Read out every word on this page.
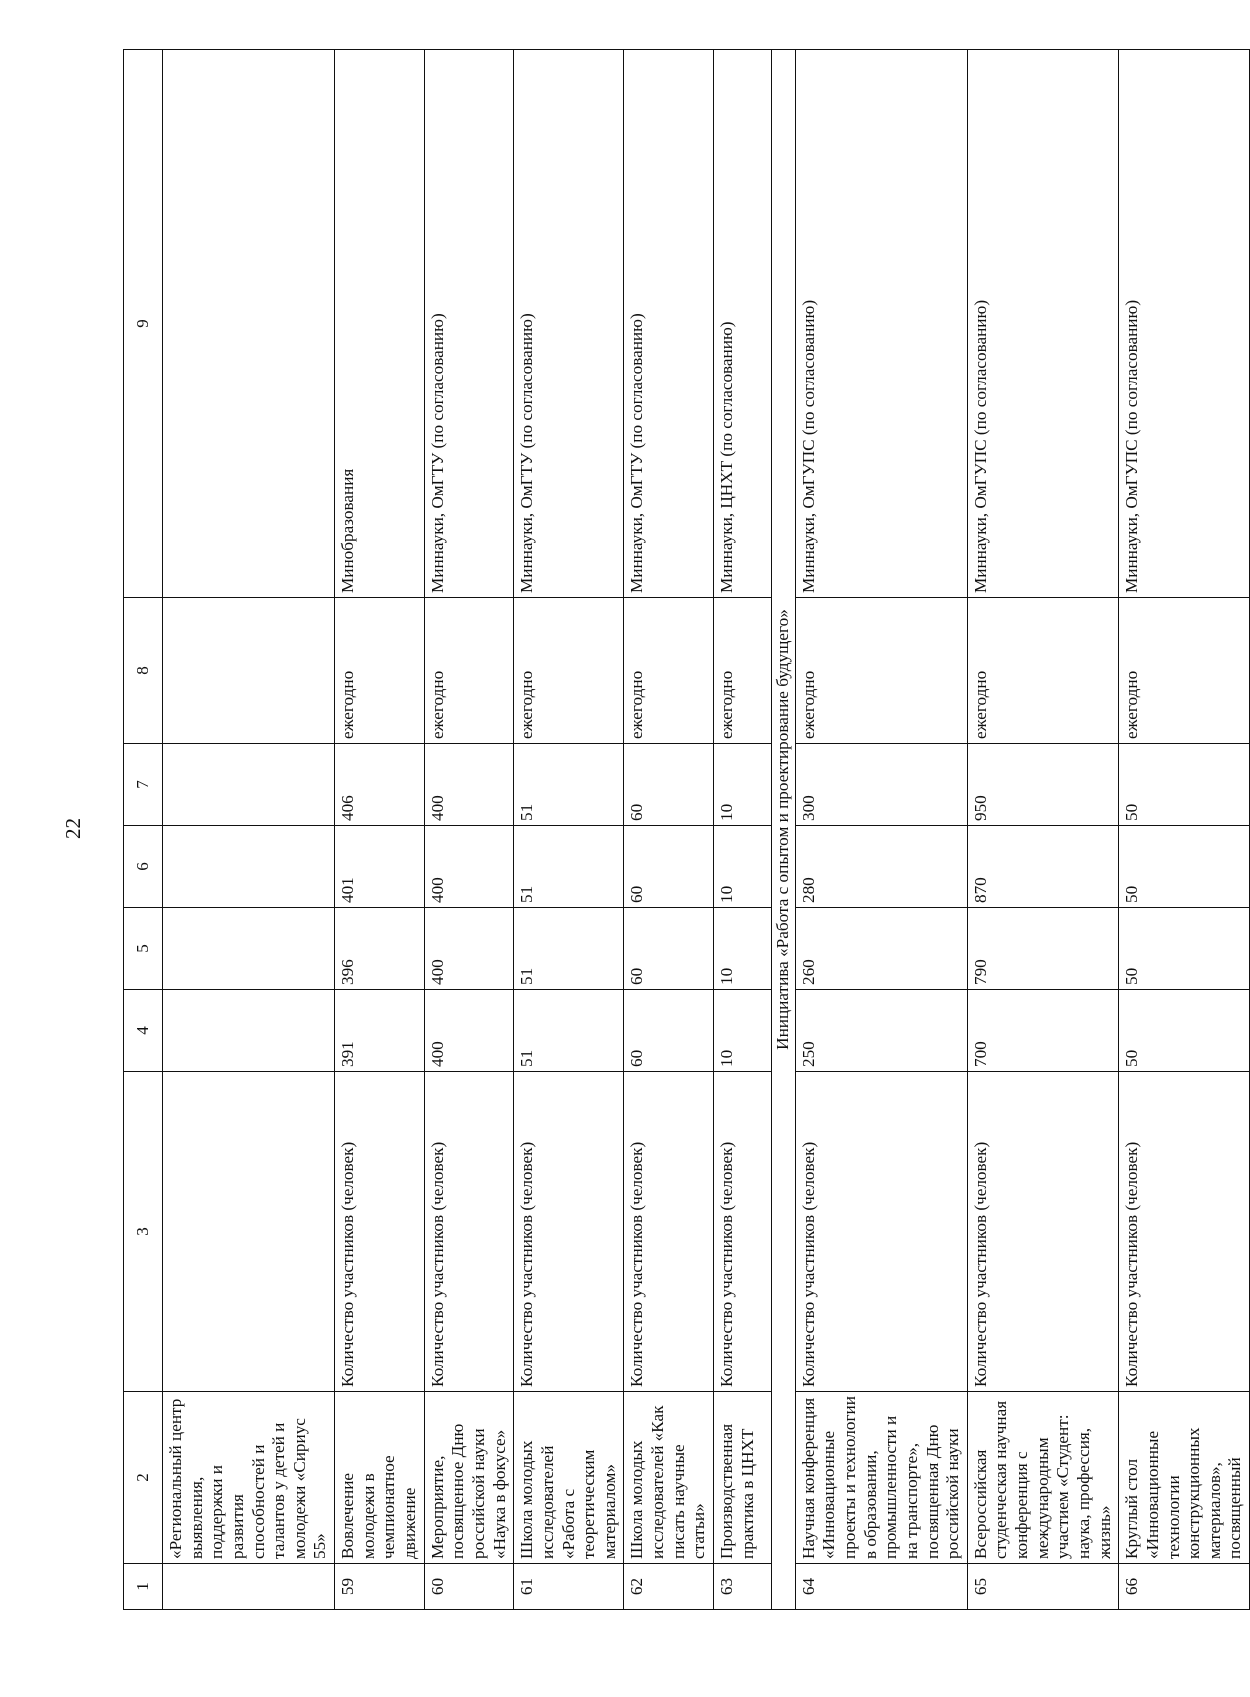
22
1	2	3	4	5	6	7	8	9
	«Региональный центр выявления, поддержки и развития способностей и талантов у детей и молодежи «Сириус 55»							
59	Вовлечение молодежи в чемпионатное движение	Количество участников (человек)	391	396	401	406	ежегодно	Минобразования
60	Мероприятие, посвященное Дню российской науки «Наука в фокусе»	Количество участников (человек)	400	400	400	400	ежегодно	Миннауки, ОмГТУ (по согласованию)
61	Школа молодых исследователей «Работа с теоретическим материалом»	Количество участников (человек)	51	51	51	51	ежегодно	Миннауки, ОмГТУ (по согласованию)
62	Школа молодых исследователей «Как писать научные статьи»	Количество участников (человек)	60	60	60	60	ежегодно	Миннауки, ОмГТУ (по согласованию)
63	Производственная практика в ЦНХТ	Количество участников (человек)	10	10	10	10	ежегодно	Миннауки, ЦНХТ (по согласованию)
Инициатива «Работа с опытом и проектирование будущего»								
64	Научная конференция «Инновационные проекты и технологии в образовании, промышленности и на транспорте», посвященная Дню российской науки	Количество участников (человек)	250	260	280	300	ежегодно	Миннауки, ОмГУПС (по согласованию)
65	Всероссийская студенческая научная конференция с международным участием «Студент: наука, профессия, жизнь»	Количество участников (человек)	700	790	870	950	ежегодно	Миннауки, ОмГУПС (по согласованию)
66	Круглый стол «Инновационные технологии конструкционных материалов», посвященный	Количество участников (человек)	50	50	50	50	ежегодно	Миннауки, ОмГУПС (по согласованию)
